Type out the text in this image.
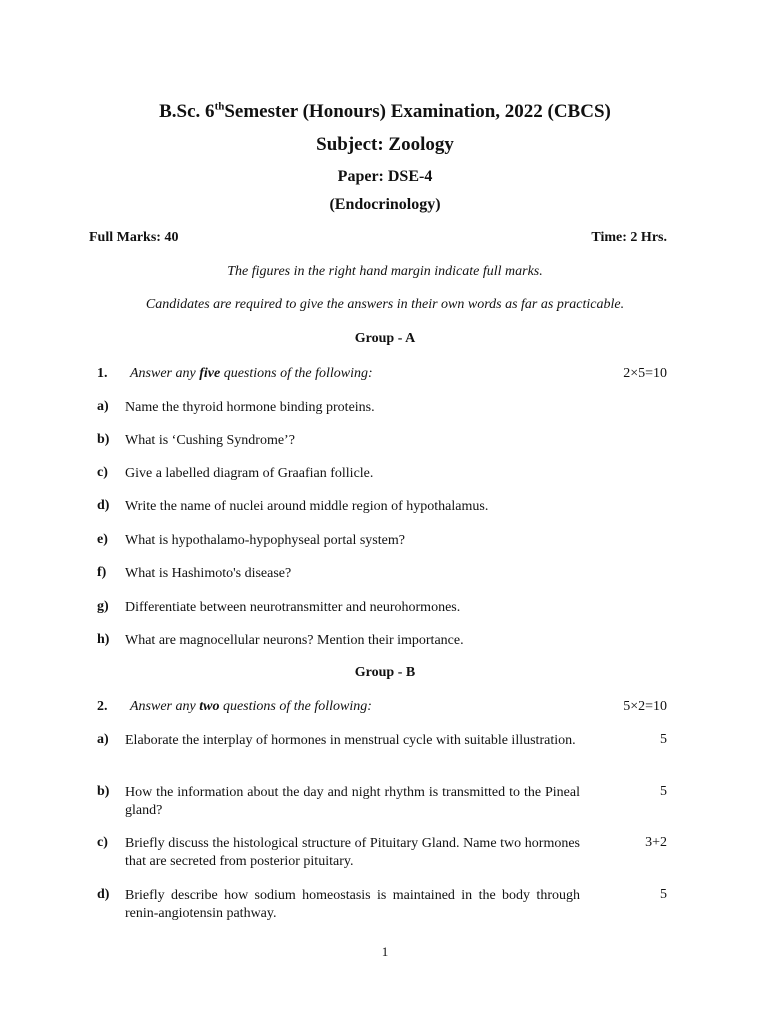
B.Sc. 6thSemester (Honours) Examination, 2022 (CBCS)
Subject: Zoology
Paper: DSE-4
(Endocrinology)
Full Marks: 40	Time: 2 Hrs.
The figures in the right hand margin indicate full marks.
Candidates are required to give the answers in their own words as far as practicable.
Group - A
1. Answer any five questions of the following:	2×5=10
a) Name the thyroid hormone binding proteins.
b) What is ‘Cushing Syndrome’?
c) Give a labelled diagram of Graafian follicle.
d) Write the name of nuclei around middle region of hypothalamus.
e) What is hypothalamo-hypophyseal portal system?
f) What is Hashimoto's disease?
g) Differentiate between neurotransmitter and neurohormones.
h) What are magnocellular neurons? Mention their importance.
Group - B
2. Answer any two questions of the following:	5×2=10
a) Elaborate the interplay of hormones in menstrual cycle with suitable illustration.	5
b) How the information about the day and night rhythm is transmitted to the Pineal gland?
5
c) Briefly discuss the histological structure of Pituitary Gland. Name two hormones that are secreted from posterior pituitary.
3+2
d) Briefly describe how sodium homeostasis is maintained in the body through renin-angiotensin pathway.
5
1
